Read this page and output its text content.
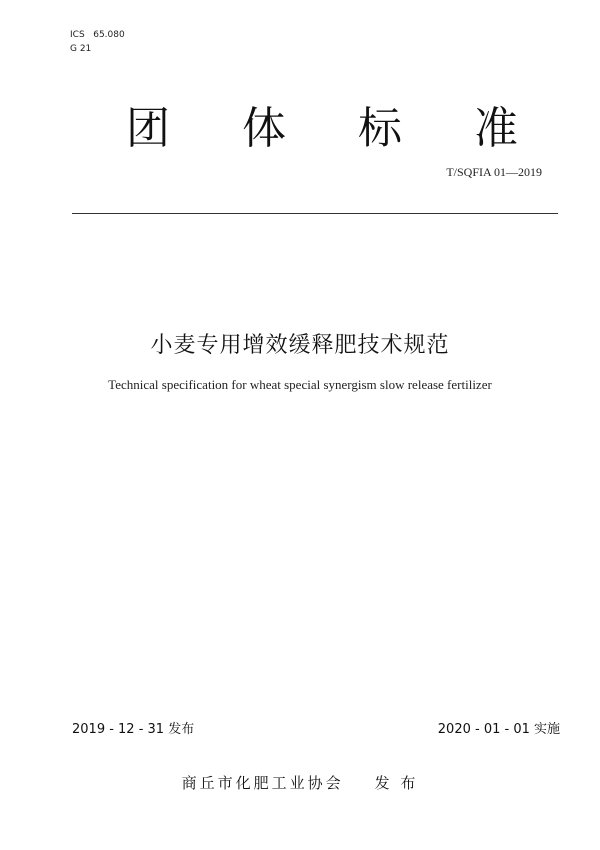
ICS   65.080
G 21
团 体 标 准
T/SQFIA 01—2019
小麦专用增效缓释肥技术规范
Technical specification for wheat special synergism slow release fertilizer
2019 - 12 - 31 发布	2020 - 01 - 01 实施
商丘市化肥工业协会    发 布
